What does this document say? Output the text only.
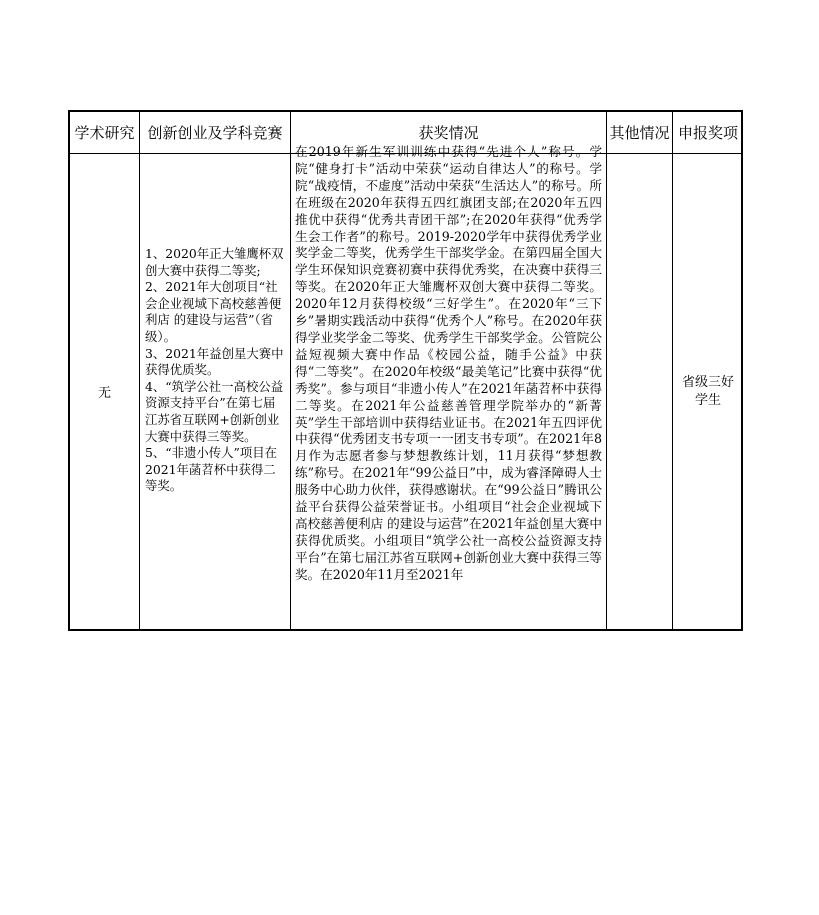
学术研究 创新创业及学科竞赛	获奖情况	其他情况 申报奖项
无
1、2020年正大雏鹰杯双创大赛中获得二等奖;
2、2021年大创项目“社会企业视域下高校慈善便利店 的建设与运营”（省级）。
3、2021年益创星大赛中获得优质奖。
4、“筑学公社一高校公益资源支持平台”在第七届江苏省互联网+创新创业大赛中获得三等奖。
5、“非遗小传人”项目在2021年菡苕杯中获得二等奖。
在2019年新生军训训练中获得“先进个人”称号。学院“健身打卡”活动中荣获“运动自律达人”的称号。学院“战疫情，不虚度”活动中荣获“生活达人”的称号。所在班级在2020年获得五四红旗团支部;在2020年五四推优中获得“优秀共青团干部”;在2020年获得“优秀学生会工作者”的称号。2019-2020学年中获得优秀学业奖学金二等奖，优秀学生干部奖学金。在第四届全国大学生环保知识竞赛初赛中获得优秀奖，在决赛中获得三等奖。在2020年正大雏鹰杯双创大赛中获得二等奖。2020年12月获得校级“三好学生”。在2020年“三下乡”暑期实践活动中获得“优秀个人”称号。在2020年获得学业奖学金二等奖、优秀学生干部奖学金。公管院公益短视频大赛中作品《校园公益，随手公益》中获得“二等奖”。在2020年校级“最美笔记”比赛中获得“优秀奖”。参与项目“非遗小传人”在2021年菡苕杯中获得二等奖。在2021年公益慈善管理学院举办的“新菁英”学生干部培训中获得结业证书。在2021年五四评优中获得“优秀团支书专项一一团支书专项”。在2021年8月作为志愿者参与梦想教练计划，11月获得“梦想教练”称号。在2021年“99公益日”中，成为睿泽障碍人士服务中心助力伙伴，获得感谢状。在“99公益日”腾讯公益平台获得公益荣誉证书。小组项目“社会企业视域下高校慈善便利店 的建设与运营”在2021年益创星大赛中获得优质奖。小组项目“筑学公社一高校公益资源支持平台”在第七届江苏省互联网+创新创业大赛中获得三等奖。在2020年11月至2021年
省级三好学生
